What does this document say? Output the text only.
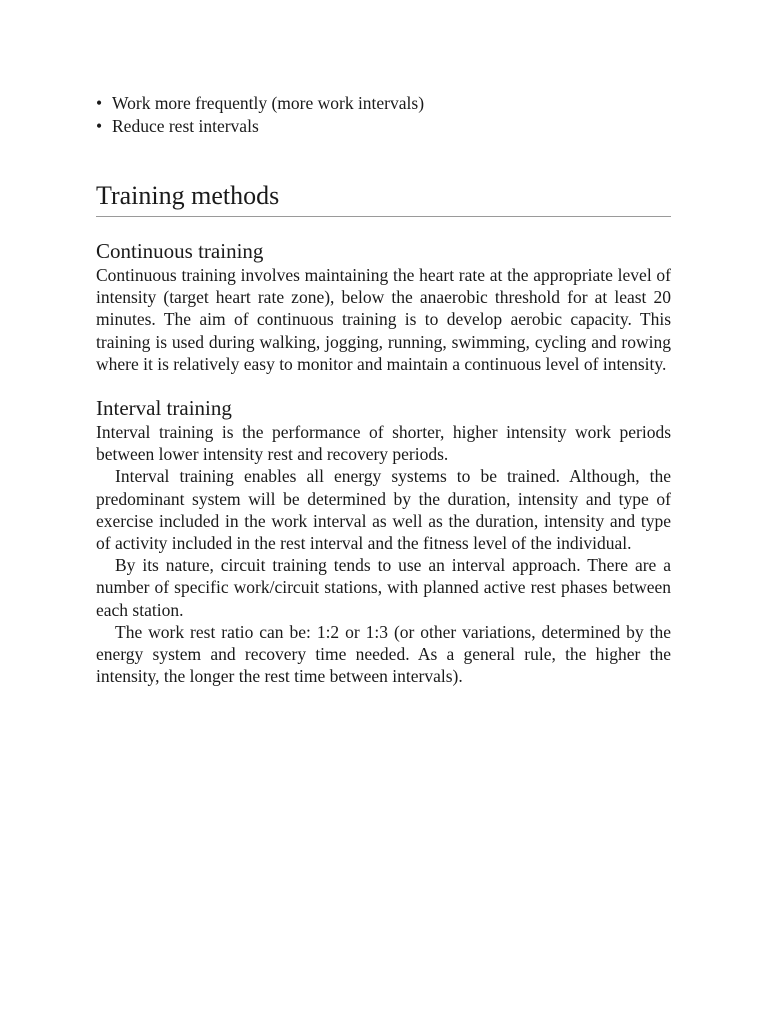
• Work more frequently (more work intervals)
• Reduce rest intervals
Training methods
Continuous training

Continuous training involves maintaining the heart rate at the appropriate level of intensity (target heart rate zone), below the anaerobic threshold for at least 20 minutes. The aim of continuous training is to develop aerobic capacity. This training is used during walking, jogging, running, swimming, cycling and rowing where it is relatively easy to monitor and maintain a continuous level of intensity.

Interval training

Interval training is the performance of shorter, higher intensity work periods between lower intensity rest and recovery periods.

Interval training enables all energy systems to be trained. Although, the predominant system will be determined by the duration, intensity and type of exercise included in the work interval as well as the duration, intensity and type of activity included in the rest interval and the fitness level of the individual.

By its nature, circuit training tends to use an interval approach. There are a number of specific work/circuit stations, with planned active rest phases between each station.

The work rest ratio can be: 1:2 or 1:3 (or other variations, determined by the energy system and recovery time needed. As a general rule, the higher the intensity, the longer the rest time between intervals).
